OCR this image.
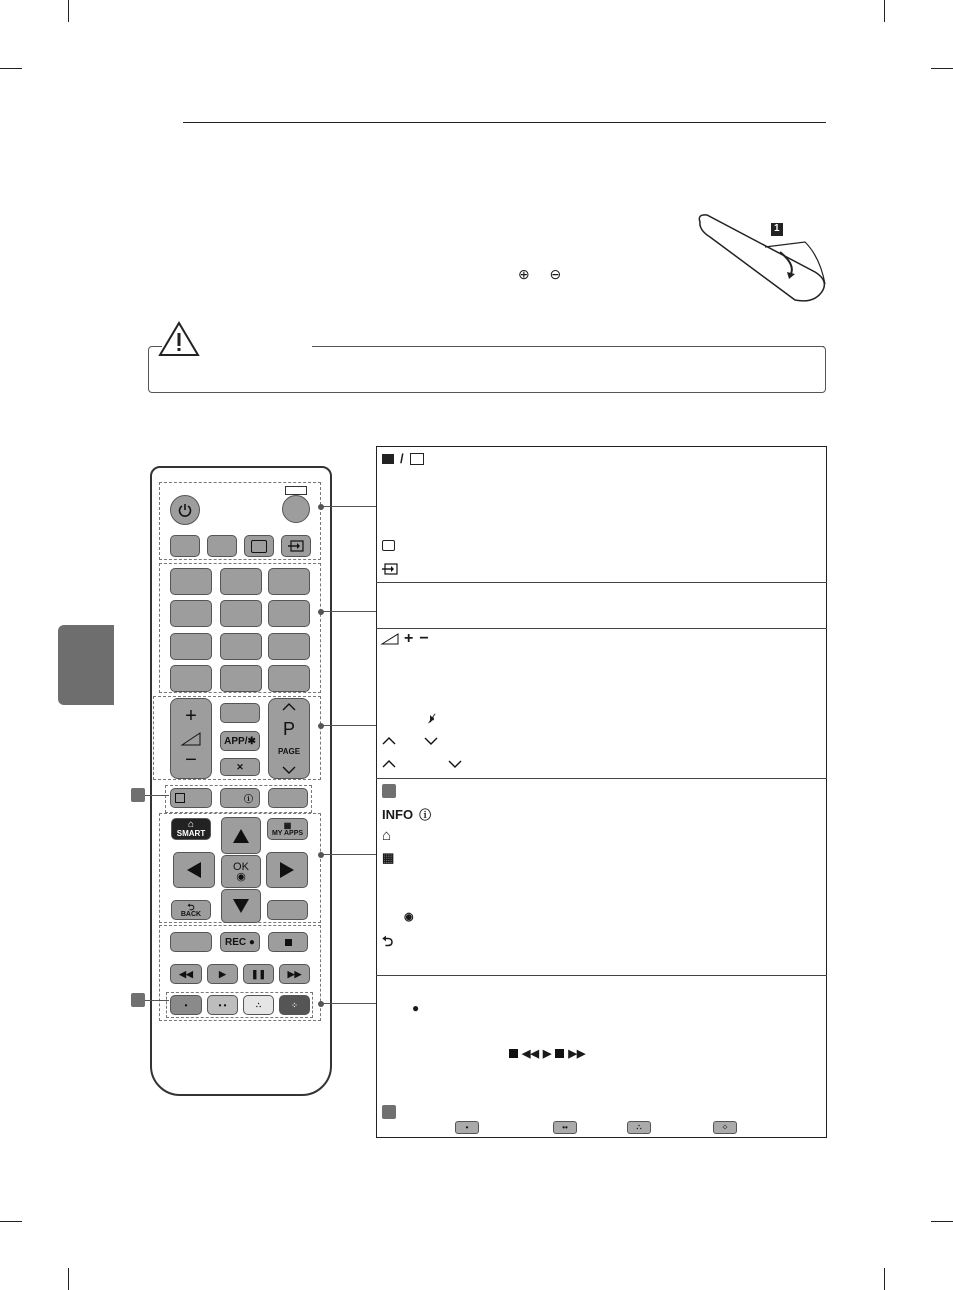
⊕ ⊖
1
+
−
APP/✱
✕
P
PAGE
ⓘ
⌂
SMART
▦
MY APPS
OK
◉
⮌
BACK
REC
●
◀◀	▶	❚❚ ▶▶
•	• •	∴	⁘
/
+ −
🕨̸
INFO ⓘ
⌂
▦
◉
⮌
●
◀◀ ▶ ▶▶
•	••	∴	⁘
